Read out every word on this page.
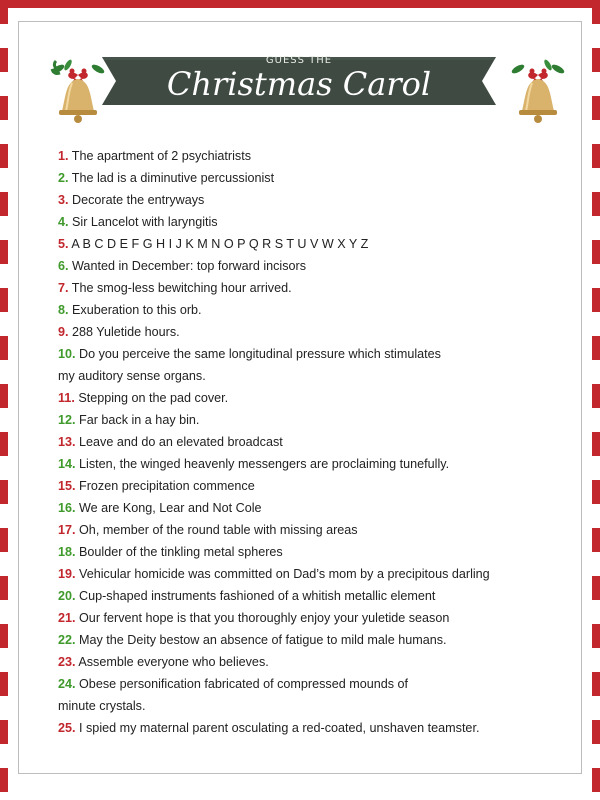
GUESS THE
Christmas Carol
1. The apartment of 2 psychiatrists
2. The lad is a diminutive percussionist
3. Decorate the entryways
4. Sir Lancelot with laryngitis
5. A B C D E F G H I J K M N O P Q R S T U V W X Y Z
6. Wanted in December: top forward incisors
7. The smog-less bewitching hour arrived.
8. Exuberation to this orb.
9. 288 Yuletide hours.
10. Do you perceive the same longitudinal pressure which stimulates
my auditory sense organs.
11. Stepping on the pad cover.
12. Far back in a hay bin.
13. Leave and do an elevated broadcast
14. Listen, the winged heavenly messengers are proclaiming tunefully.
15. Frozen precipitation commence
16. We are Kong, Lear and Not Cole
17. Oh, member of the round table with missing areas
18. Boulder of the tinkling metal spheres
19. Vehicular homicide was committed on Dad’s mom by a precipitous darling
20. Cup-shaped instruments fashioned of a whitish metallic element
21. Our fervent hope is that you thoroughly enjoy your yuletide season
22. May the Deity bestow an absence of fatigue to mild male humans.
23. Assemble everyone who believes.
24. Obese personification fabricated of compressed mounds of
minute crystals.
25. I spied my maternal parent osculating a red-coated, unshaven teamster.
